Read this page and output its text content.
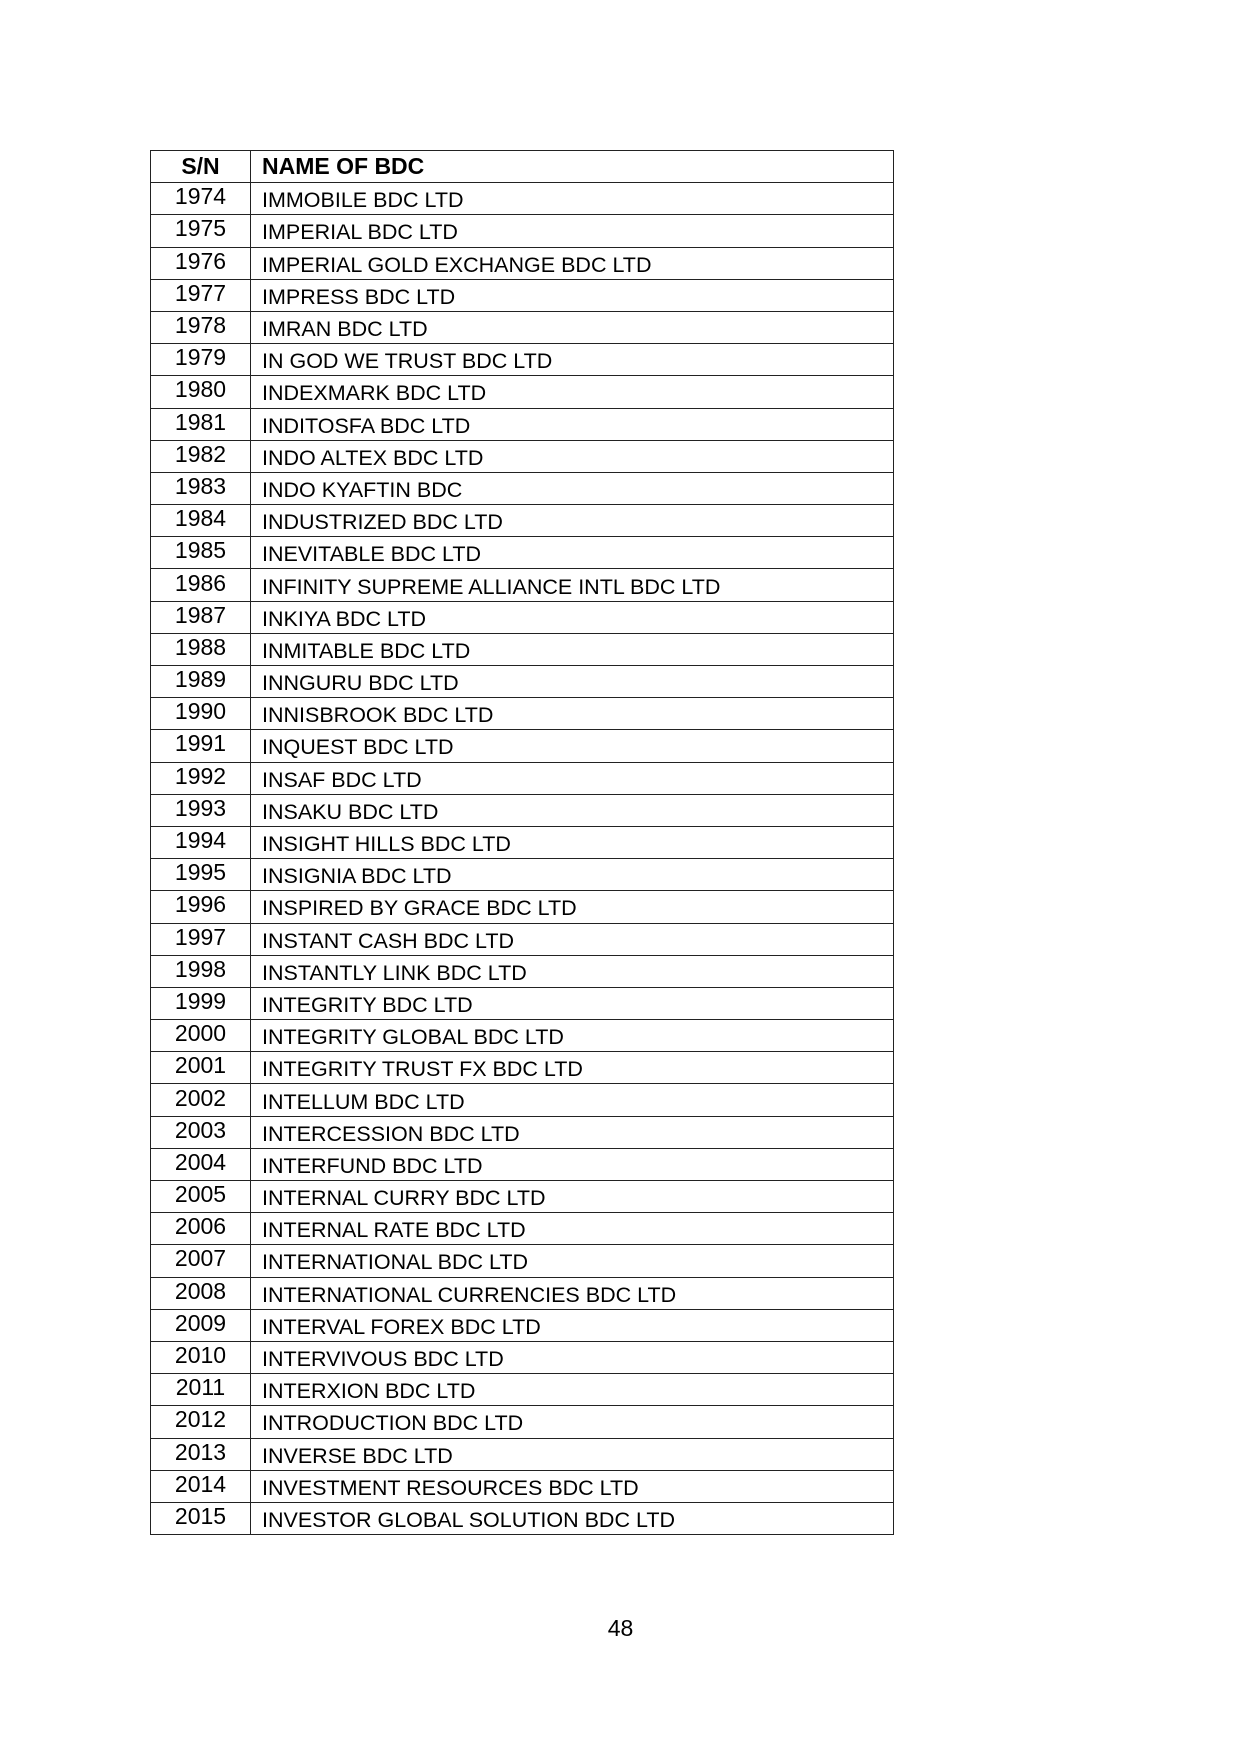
S/N	NAME OF BDC
1974	IMMOBILE BDC LTD
1975	IMPERIAL BDC LTD
1976	IMPERIAL GOLD EXCHANGE BDC LTD
1977	IMPRESS BDC LTD
1978	IMRAN BDC LTD
1979	IN GOD WE TRUST BDC LTD
1980	INDEXMARK BDC LTD
1981	INDITOSFA BDC LTD
1982	INDO ALTEX BDC LTD
1983	INDO KYAFTIN BDC
1984	INDUSTRIZED BDC LTD
1985	INEVITABLE BDC LTD
1986	INFINITY SUPREME ALLIANCE INTL BDC LTD
1987	INKIYA BDC LTD
1988	INMITABLE BDC LTD
1989	INNGURU BDC LTD
1990	INNISBROOK BDC LTD
1991	INQUEST BDC LTD
1992	INSAF BDC LTD
1993	INSAKU BDC LTD
1994	INSIGHT HILLS BDC LTD
1995	INSIGNIA BDC LTD
1996	INSPIRED BY GRACE BDC LTD
1997	INSTANT CASH BDC LTD
1998	INSTANTLY LINK BDC LTD
1999	INTEGRITY BDC LTD
2000	INTEGRITY GLOBAL BDC LTD
2001	INTEGRITY TRUST FX BDC LTD
2002	INTELLUM BDC LTD
2003	INTERCESSION BDC LTD
2004	INTERFUND BDC LTD
2005	INTERNAL CURRY BDC LTD
2006	INTERNAL RATE BDC LTD
2007	INTERNATIONAL BDC LTD
2008	INTERNATIONAL CURRENCIES BDC LTD
2009	INTERVAL FOREX BDC LTD
2010	INTERVIVOUS BDC LTD
2011	INTERXION BDC LTD
2012	INTRODUCTION BDC LTD
2013	INVERSE BDC LTD
2014	INVESTMENT RESOURCES BDC LTD
2015	INVESTOR GLOBAL SOLUTION BDC LTD
48
